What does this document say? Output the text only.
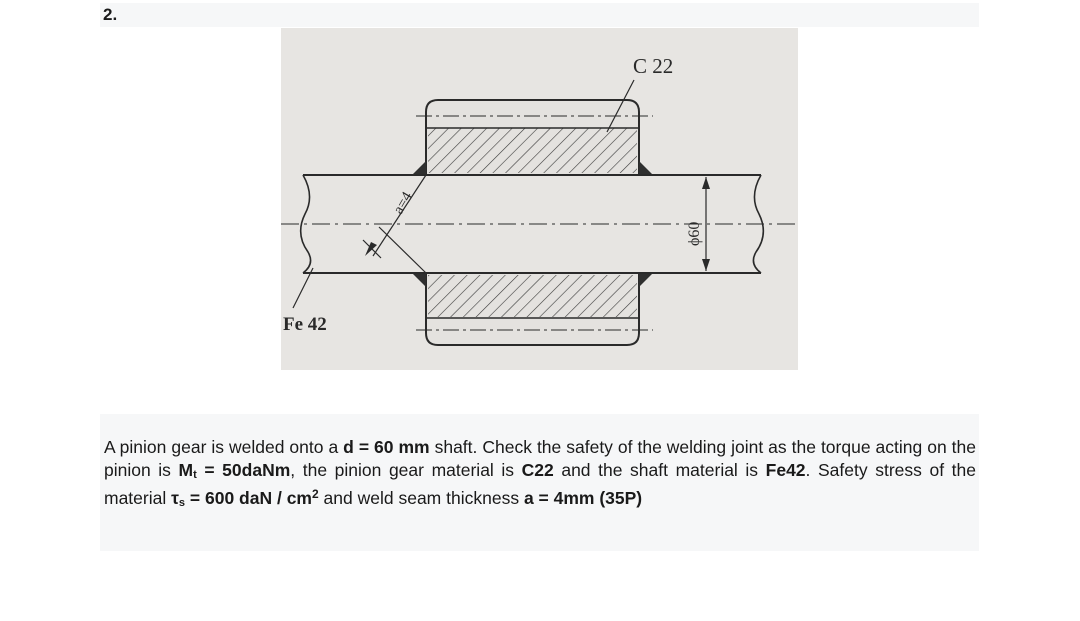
2.
C 22
Fe 42
a=4
ϕ60

A pinion gear is welded onto a d = 60 mm shaft. Check the safety of the welding joint as the torque acting on the pinion is $M_t$ = 50daNm, the pinion gear material is C22 and the shaft material is Fe42. Safety stress of the material $\tau_s = 600$ daN / $cm^2$ and weld seam thickness a = 4mm (35P)
